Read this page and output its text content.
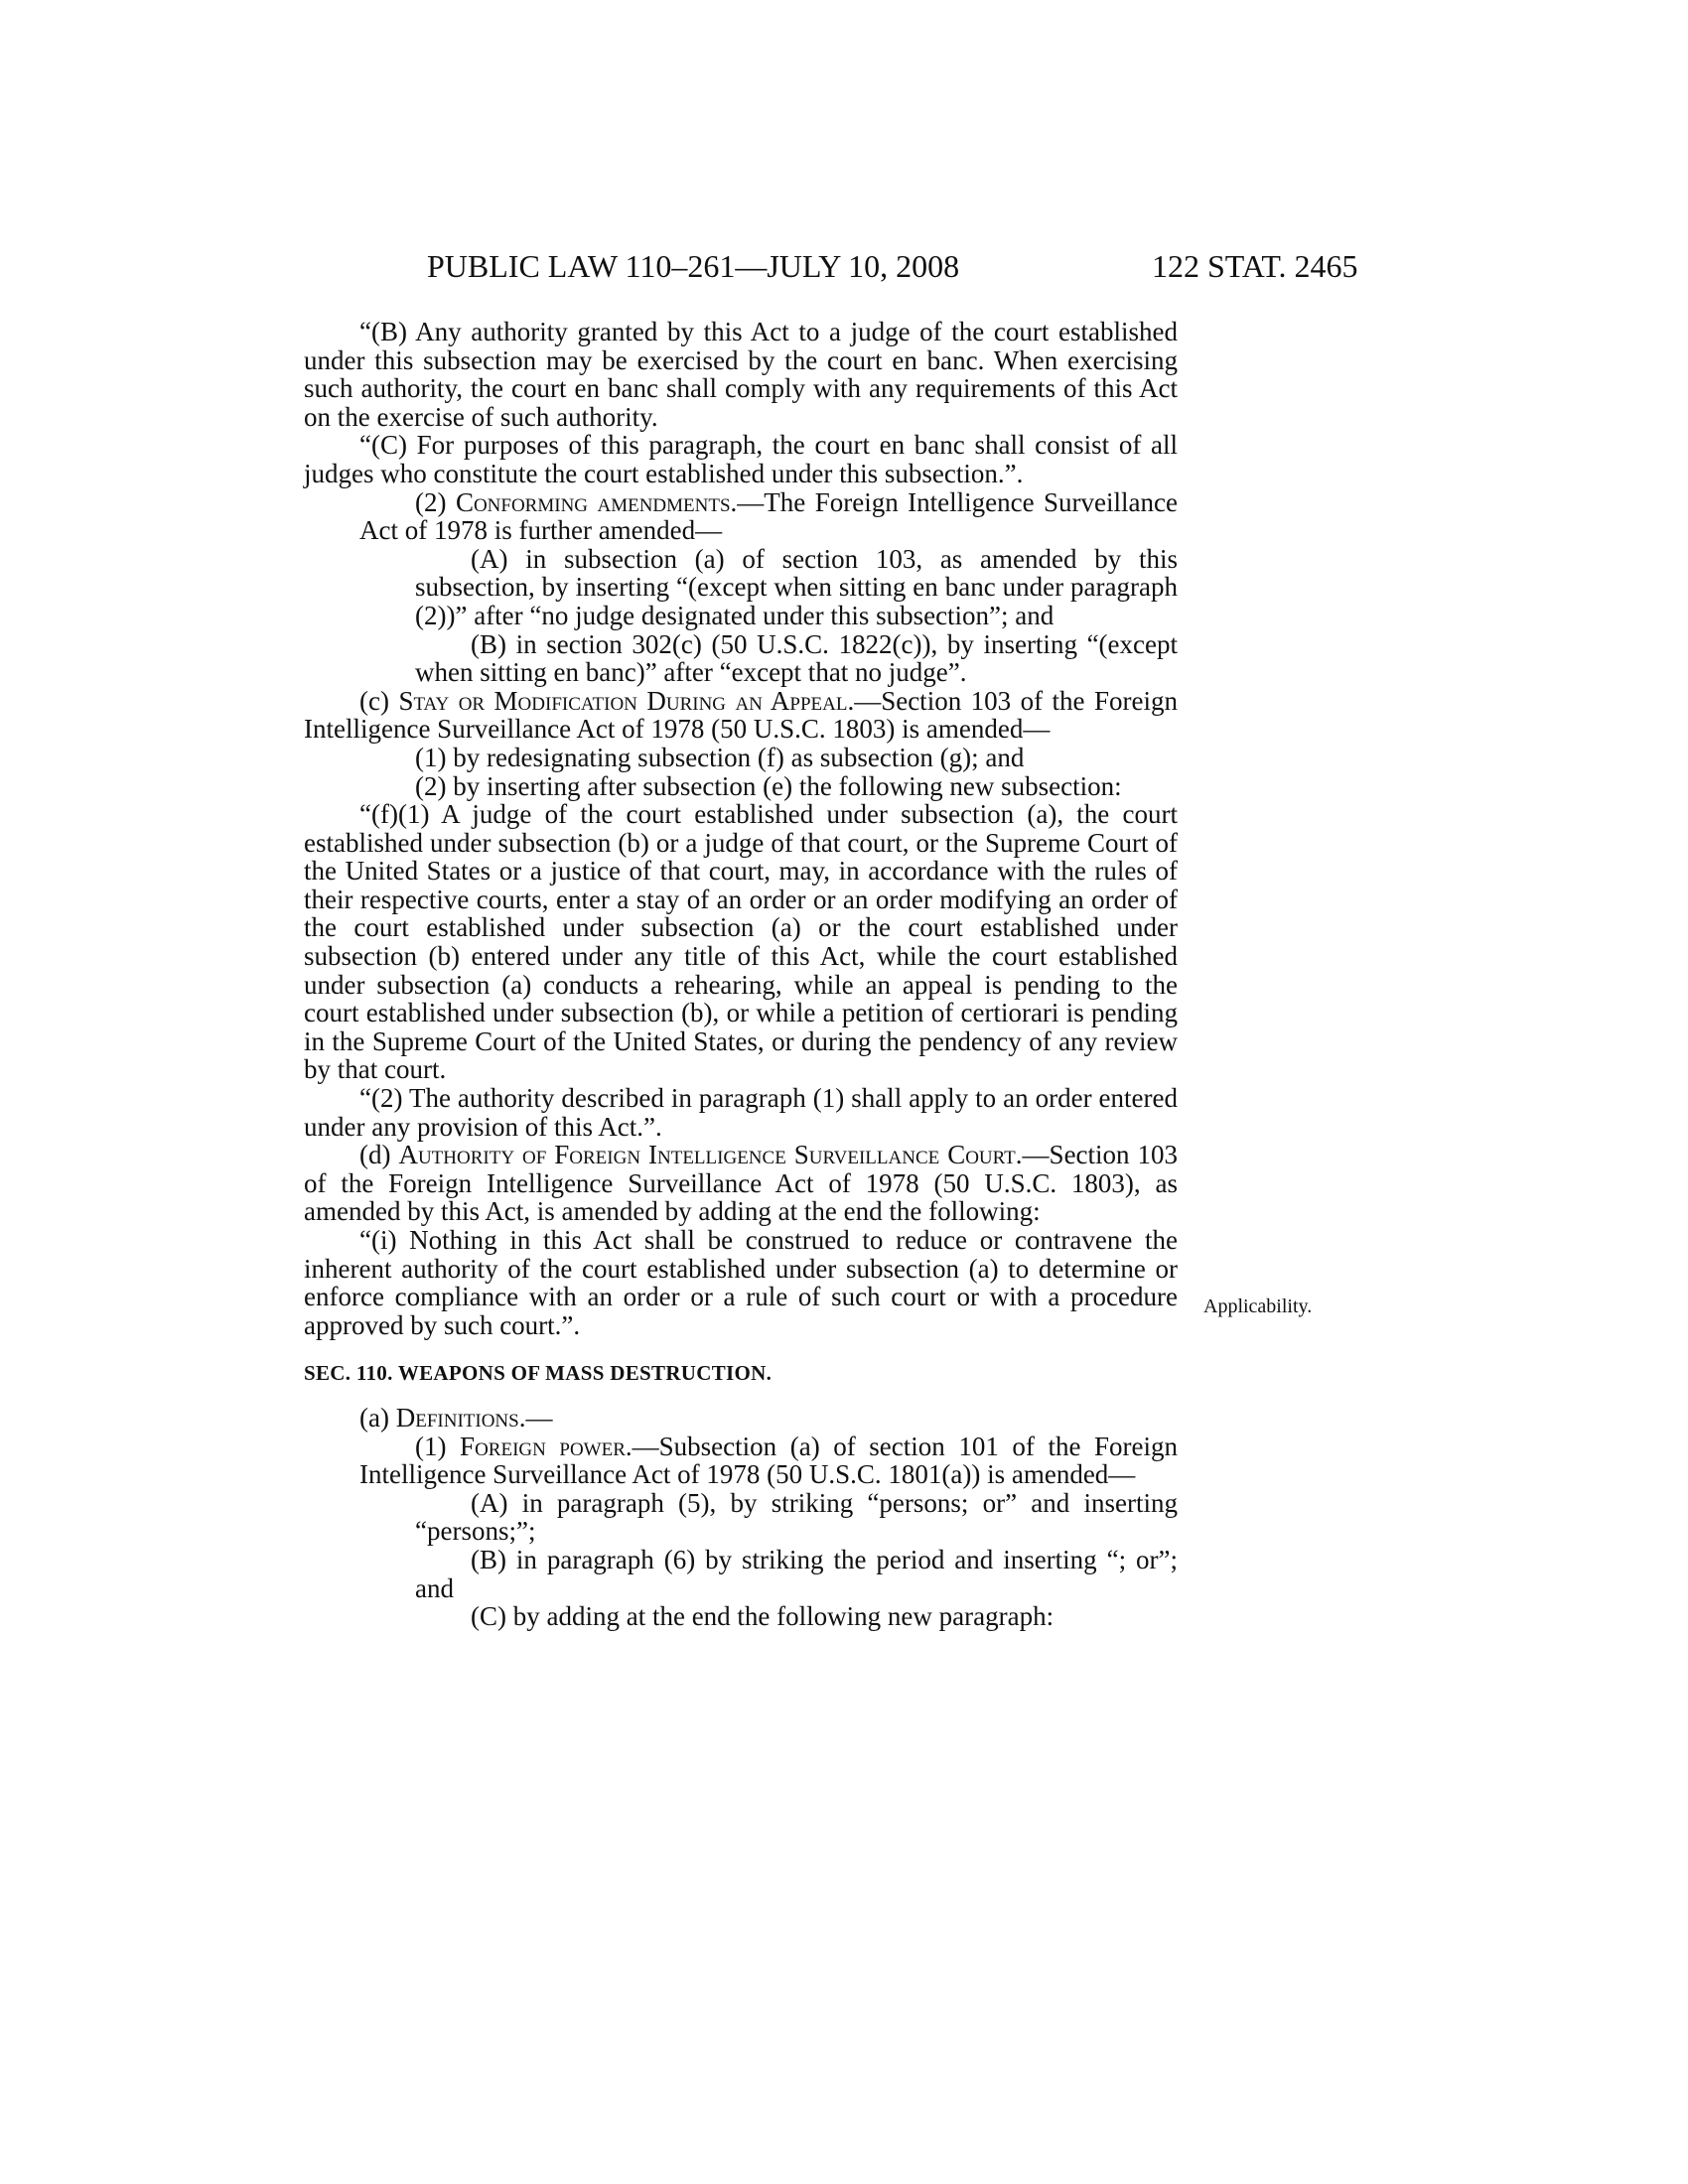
PUBLIC LAW 110–261—JULY 10, 2008	122 STAT. 2465
Applicability.

“(B) Any authority granted by this Act to a judge of the court established under this subsection may be exercised by the court en banc. When exercising such authority, the court en banc shall comply with any requirements of this Act on the exercise of such authority.

“(C) For purposes of this paragraph, the court en banc shall consist of all judges who constitute the court established under this subsection.”.

(2) Conforming amendments.—The Foreign Intelligence Surveillance Act of 1978 is further amended—

(A) in subsection (a) of section 103, as amended by this subsection, by inserting “(except when sitting en banc under paragraph (2))” after “no judge designated under this subsection”; and

(B) in section 302(c) (50 U.S.C. 1822(c)), by inserting “(except when sitting en banc)” after “except that no judge”.

(c) Stay or Modification During an Appeal.—Section 103 of the Foreign Intelligence Surveillance Act of 1978 (50 U.S.C. 1803) is amended—

(1) by redesignating subsection (f) as subsection (g); and

(2) by inserting after subsection (e) the following new subsection:

“(f)(1) A judge of the court established under subsection (a), the court established under subsection (b) or a judge of that court, or the Supreme Court of the United States or a justice of that court, may, in accordance with the rules of their respective courts, enter a stay of an order or an order modifying an order of the court established under subsection (a) or the court established under subsection (b) entered under any title of this Act, while the court established under subsection (a) conducts a rehearing, while an appeal is pending to the court established under subsection (b), or while a petition of certiorari is pending in the Supreme Court of the United States, or during the pendency of any review by that court.

“(2) The authority described in paragraph (1) shall apply to an order entered under any provision of this Act.”.

(d) Authority of Foreign Intelligence Surveillance Court.—Section 103 of the Foreign Intelligence Surveillance Act of 1978 (50 U.S.C. 1803), as amended by this Act, is amended by adding at the end the following:

“(i) Nothing in this Act shall be construed to reduce or contravene the inherent authority of the court established under subsection (a) to determine or enforce compliance with an order or a rule of such court or with a procedure approved by such court.”.

SEC. 110. WEAPONS OF MASS DESTRUCTION.

(a) Definitions.—

(1) Foreign power.—Subsection (a) of section 101 of the Foreign Intelligence Surveillance Act of 1978 (50 U.S.C. 1801(a)) is amended—

(A) in paragraph (5), by striking “persons; or” and inserting “persons;”;

(B) in paragraph (6) by striking the period and inserting “; or”; and

(C) by adding at the end the following new paragraph:
